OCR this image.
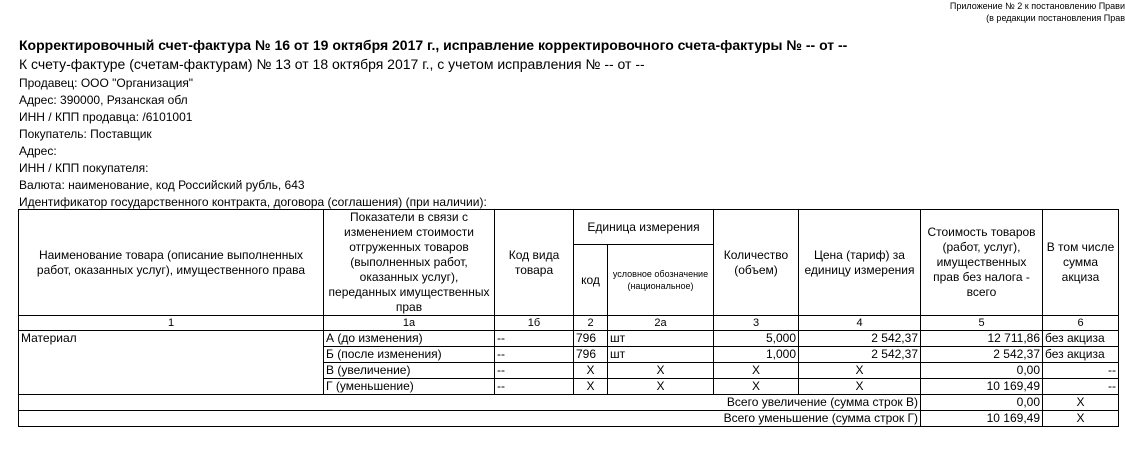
Приложение № 2 к постановлению Прави
(в редакции постановления Прав
Корректировочный счет-фактура № 16 от 19 октября 2017 г., исправление корректировочного счета-фактуры № -- от --
К счету-фактуре (счетам-фактурам) № 13 от 18 октября 2017 г., с учетом исправления № -- от --
Продавец: ООО "Организация"
Адрес: 390000, Рязанская обл
ИНН / КПП продавца: /6101001
Покупатель: Поставщик
Адрес:
ИНН / КПП покупателя:
Валюта: наименование, код Российский рубль, 643
Идентификатор государственного контракта, договора (соглашения) (при наличии):
Наименование товара (описание выполненных работ, оказанных услуг), имущественного права	Показатели в связи с изменением стоимости отгруженных товаров (выполненных работ, оказанных услуг), переданных имущественных прав	Код вида товара	Единица измерения		Количество (объем)	Цена (тариф) за единицу измерения	Стоимость товаров (работ, услуг), имущественных прав без налога - всего	В том числе сумма акциза
			код	условное обозначение (национальное)				
1	1а	1б	2	2а	3	4	5	6
Материал	А (до изменения)	--	796	шт	5,000	2 542,37	12 711,86	без акциза
	Б (после изменения)	--	796	шт	1,000	2 542,37	2 542,37	без акциза
	В (увеличение)	--	X	X	X	X	0,00	--
	Г (уменьшение)	--	X	X	X	X	10 169,49	--
Всего увеличение (сумма строк В)							0,00	X
Всего уменьшение (сумма строк Г)							10 169,49	X
